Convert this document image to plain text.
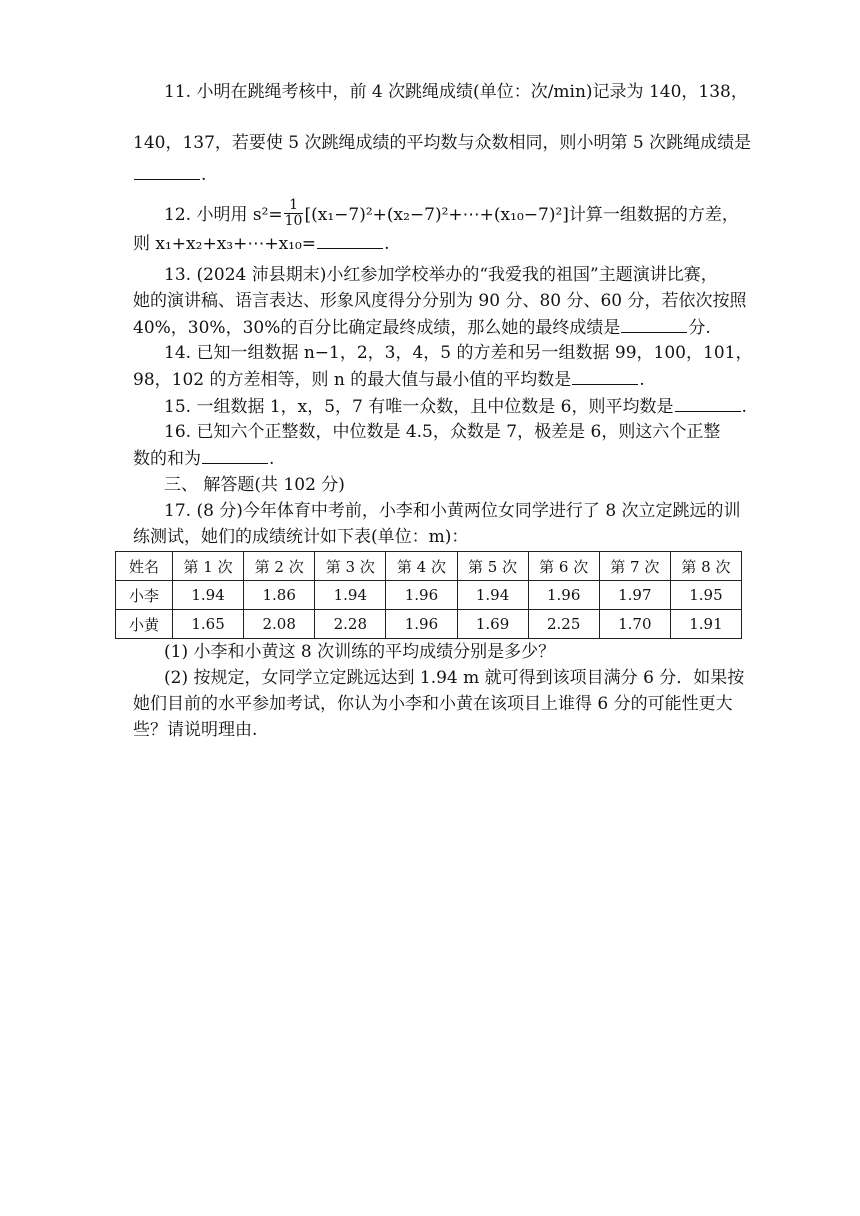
11. 小明在跳绳考核中，前 4 次跳绳成绩(单位：次/min)记录为 140，138，
140，137，若要使 5 次跳绳成绩的平均数与众数相同，则小明第 5 次跳绳成绩是
.
12. 小明用 $s^2= \frac{1}{10}$ [(x₁−7)²+(x₂−7)²+⋯+(x₁₀−7)²]计算一组数据的方差，
则 x₁+x₂+x₃+⋯+x₁₀=	.
13. (2024 沛县期末)小红参加学校举办的“我爱我的祖国”主题演讲比赛，
她的演讲稿、语言表达、形象风度得分分别为 90 分、80 分、60 分，若依次按照
40%，30%，30%的百分比确定最终成绩，那么她的最终成绩是	分.
14. 已知一组数据 n−1，2，3，4，5 的方差和另一组数据 99，100，101，
98，102 的方差相等，则 n 的最大值与最小值的平均数是	.
15. 一组数据 1，x，5，7 有唯一众数，且中位数是 6，则平均数是	.
16. 已知六个正整数，中位数是 4.5，众数是 7，极差是 6，则这六个正整
数的和为	.
三、 解答题(共 102 分)
17. (8 分)今年体育中考前，小李和小黄两位女同学进行了 8 次立定跳远的训
练测试，她们的成绩统计如下表(单位：m)：
姓名	第 1 次	第 2 次	第 3 次	第 4 次	第 5 次	第 6 次	第 7 次	第 8 次
小李	1.94	1.86	1.94	1.96	1.94	1.96	1.97	1.95
小黄	1.65	2.08	2.28	1.96	1.69	2.25	1.70	1.91
(1) 小李和小黄这 8 次训练的平均成绩分别是多少？
(2) 按规定，女同学立定跳远达到 1.94 m 就可得到该项目满分 6 分．如果按
她们目前的水平参加考试，你认为小李和小黄在该项目上谁得 6 分的可能性更大
些？请说明理由.
